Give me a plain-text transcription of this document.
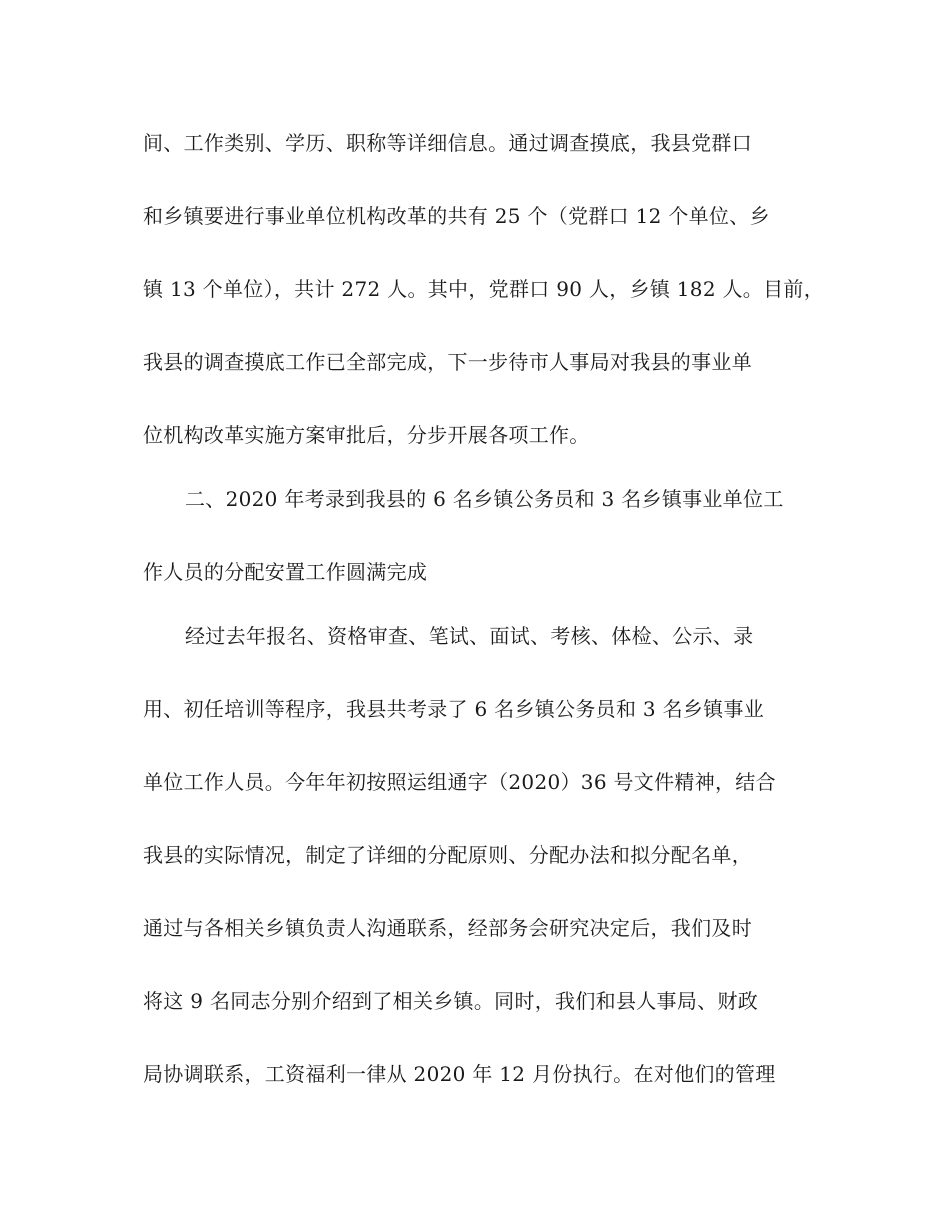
间、工作类别、学历、职称等详细信息。通过调查摸底，我县党群口
和乡镇要进行事业单位机构改革的共有 25 个（党群口 12 个单位、乡
镇 13 个单位），共计 272 人。其中，党群口 90 人，乡镇 182 人。目前，
我县的调查摸底工作已全部完成，下一步待市人事局对我县的事业单
位机构改革实施方案审批后，分步开展各项工作。
二、2020 年考录到我县的 6 名乡镇公务员和 3 名乡镇事业单位工
作人员的分配安置工作圆满完成
经过去年报名、资格审查、笔试、面试、考核、体检、公示、录
用、初任培训等程序，我县共考录了 6 名乡镇公务员和 3 名乡镇事业
单位工作人员。今年年初按照运组通字（2020）36 号文件精神，结合
我县的实际情况，制定了详细的分配原则、分配办法和拟分配名单，
通过与各相关乡镇负责人沟通联系，经部务会研究决定后，我们及时
将这 9 名同志分别介绍到了相关乡镇。同时，我们和县人事局、财政
局协调联系，工资福利一律从 2020 年 12 月份执行。在对他们的管理
